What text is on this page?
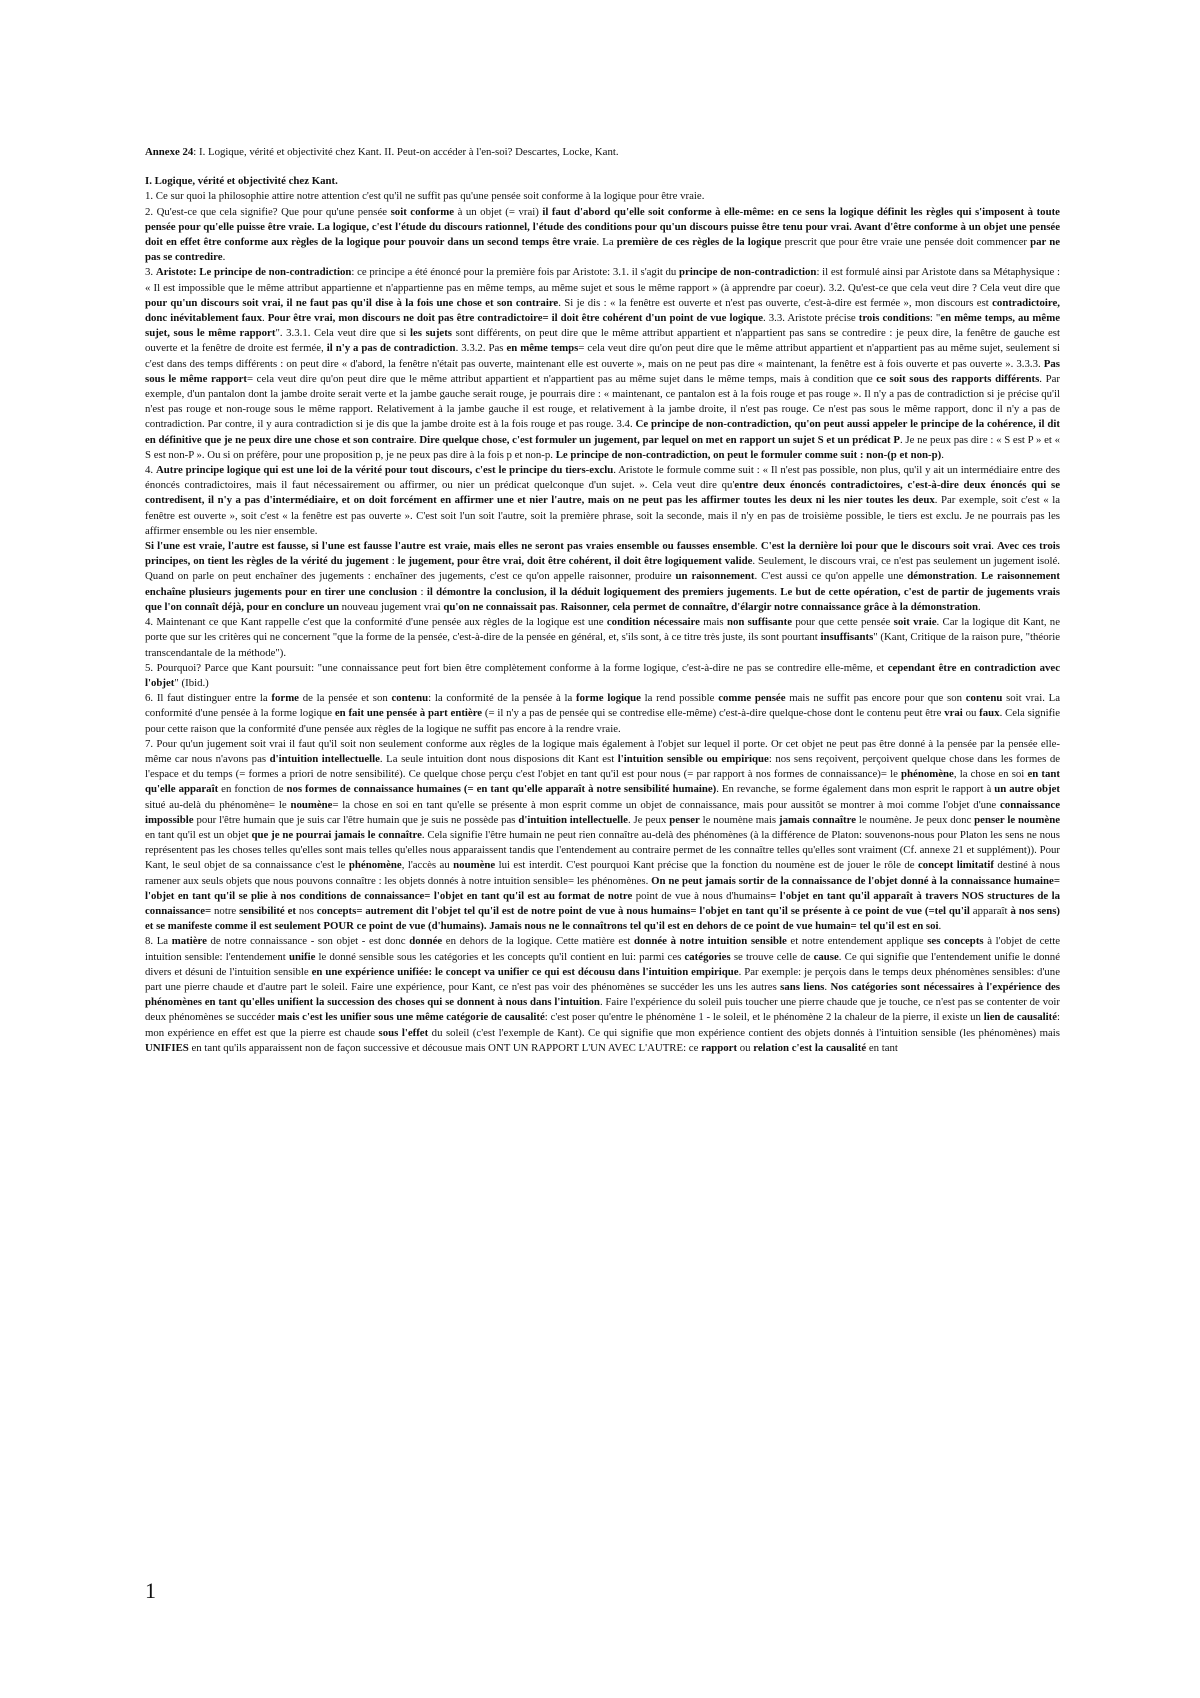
Annexe 24: I. Logique, vérité et objectivité chez Kant. II. Peut-on accéder à l'en-soi? Descartes, Locke, Kant.
I. Logique, vérité et objectivité chez Kant.

1. Ce sur quoi la philosophie attire notre attention c'est qu'il ne suffit pas qu'une pensée soit conforme à la logique pour être vraie.

2. Qu'est-ce que cela signifie? Que pour qu'une pensée soit conforme à un objet (= vrai) il faut d'abord qu'elle soit conforme à elle-même: en ce sens la logique définit les règles qui s'imposent à toute pensée pour qu'elle puisse être vraie. La logique, c'est l'étude du discours rationnel, l'étude des conditions pour qu'un discours puisse être tenu pour vrai. Avant d'être conforme à un objet une pensée doit en effet être conforme aux règles de la logique pour pouvoir dans un second temps être vraie. La première de ces règles de la logique prescrit que pour être vraie une pensée doit commencer par ne pas se contredire.

3. Aristote: Le principe de non-contradiction: ce principe a été énoncé pour la première fois par Aristote: 3.1. il s'agit du principe de non-contradiction: il est formulé ainsi par Aristote dans sa Métaphysique : « Il est impossible que le même attribut appartienne et n'appartienne pas en même temps, au même sujet et sous le même rapport » (à apprendre par coeur). 3.2. Qu'est-ce que cela veut dire ? Cela veut dire que pour qu'un discours soit vrai, il ne faut pas qu'il dise à la fois une chose et son contraire. Si je dis : « la fenêtre est ouverte et n'est pas ouverte, c'est-à-dire est fermée », mon discours est contradictoire, donc inévitablement faux. Pour être vrai, mon discours ne doit pas être contradictoire= il doit être cohérent d'un point de vue logique. 3.3. Aristote précise trois conditions: "en même temps, au même sujet, sous le même rapport". 3.3.1. Cela veut dire que si les sujets sont différents, on peut dire que le même attribut appartient et n'appartient pas sans se contredire : je peux dire, la fenêtre de gauche est ouverte et la fenêtre de droite est fermée, il n'y a pas de contradiction. 3.3.2. Pas en même temps= cela veut dire qu'on peut dire que le même attribut appartient et n'appartient pas au même sujet, seulement si c'est dans des temps différents : on peut dire « d'abord, la fenêtre n'était pas ouverte, maintenant elle est ouverte », mais on ne peut pas dire « maintenant, la fenêtre est à fois ouverte et pas ouverte ». 3.3.3. Pas sous le même rapport= cela veut dire qu'on peut dire que le même attribut appartient et n'appartient pas au même sujet dans le même temps, mais à condition que ce soit sous des rapports différents. Par exemple, d'un pantalon dont la jambe droite serait verte et la jambe gauche serait rouge, je pourrais dire : « maintenant, ce pantalon est à la fois rouge et pas rouge ». Il n'y a pas de contradiction si je précise qu'il n'est pas rouge et non-rouge sous le même rapport. Relativement à la jambe gauche il est rouge, et relativement à la jambe droite, il n'est pas rouge. Ce n'est pas sous le même rapport, donc il n'y a pas de contradiction. Par contre, il y aura contradiction si je dis que la jambe droite est à la fois rouge et pas rouge. 3.4. Ce principe de non-contradiction, qu'on peut aussi appeler le principe de la cohérence, il dit en définitive que je ne peux dire une chose et son contraire. Dire quelque chose, c'est formuler un jugement, par lequel on met en rapport un sujet S et un prédicat P. Je ne peux pas dire : « S est P » et « S est non-P ». Ou si on préfère, pour une proposition p, je ne peux pas dire à la fois p et non-p. Le principe de non-contradiction, on peut le formuler comme suit : non-(p et non-p).

4. Autre principe logique qui est une loi de la vérité pour tout discours, c'est le principe du tiers-exclu. Aristote le formule comme suit : « Il n'est pas possible, non plus, qu'il y ait un intermédiaire entre des énoncés contradictoires, mais il faut nécessairement ou affirmer, ou nier un prédicat quelconque d'un sujet. ». Cela veut dire qu'entre deux énoncés contradictoires, c'est-à-dire deux énoncés qui se contredisent, il n'y a pas d'intermédiaire, et on doit forcément en affirmer une et nier l'autre, mais on ne peut pas les affirmer toutes les deux ni les nier toutes les deux. Par exemple, soit c'est « la fenêtre est ouverte », soit c'est « la fenêtre est pas ouverte ». C'est soit l'un soit l'autre, soit la première phrase, soit la seconde, mais il n'y en pas de troisième possible, le tiers est exclu. Je ne pourrais pas les affirmer ensemble ou les nier ensemble.

Si l'une est vraie, l'autre est fausse, si l'une est fausse l'autre est vraie, mais elles ne seront pas vraies ensemble ou fausses ensemble. C'est la dernière loi pour que le discours soit vrai. Avec ces trois principes, on tient les règles de la vérité du jugement : le jugement, pour être vrai, doit être cohérent, il doit être logiquement valide. Seulement, le discours vrai, ce n'est pas seulement un jugement isolé. Quand on parle on peut enchaîner des jugements : enchaîner des jugements, c'est ce qu'on appelle raisonner, produire un raisonnement. C'est aussi ce qu'on appelle une démonstration. Le raisonnement enchaîne plusieurs jugements pour en tirer une conclusion : il démontre la conclusion, il la déduit logiquement des premiers jugements. Le but de cette opération, c'est de partir de jugements vrais que l'on connaît déjà, pour en conclure un nouveau jugement vrai qu'on ne connaissait pas. Raisonner, cela permet de connaître, d'élargir notre connaissance grâce à la démonstration.

4. Maintenant ce que Kant rappelle c'est que la conformité d'une pensée aux règles de la logique est une condition nécessaire mais non suffisante pour que cette pensée soit vraie. Car la logique dit Kant, ne porte que sur les critères qui ne concernent "que la forme de la pensée, c'est-à-dire de la pensée en général, et, s'ils sont, à ce titre très juste, ils sont pourtant insuffisants" (Kant, Critique de la raison pure, "théorie transcendantale de la méthode").

5. Pourquoi? Parce que Kant poursuit: "une connaissance peut fort bien être complètement conforme à la forme logique, c'est-à-dire ne pas se contredire elle-même, et cependant être en contradiction avec l'objet" (Ibid.)

6. Il faut distinguer entre la forme de la pensée et son contenu: la conformité de la pensée à la forme logique la rend possible comme pensée mais ne suffit pas encore pour que son contenu soit vrai. La conformité d'une pensée à la forme logique en fait une pensée à part entière (= il n'y a pas de pensée qui se contredise elle-même) c'est-à-dire quelque-chose dont le contenu peut être vrai ou faux. Cela signifie pour cette raison que la conformité d'une pensée aux règles de la logique ne suffit pas encore à la rendre vraie.

7. Pour qu'un jugement soit vrai il faut qu'il soit non seulement conforme aux règles de la logique mais également à l'objet sur lequel il porte. Or cet objet ne peut pas être donné à la pensée par la pensée elle-même car nous n'avons pas d'intuition intellectuelle. La seule intuition dont nous disposions dit Kant est l'intuition sensible ou empirique: nos sens reçoivent, perçoivent quelque chose dans les formes de l'espace et du temps (= formes a priori de notre sensibilité). Ce quelque chose perçu c'est l'objet en tant qu'il est pour nous (= par rapport à nos formes de connaissance)= le phénomène, la chose en soi en tant qu'elle apparaît en fonction de nos formes de connaissance humaines (= en tant qu'elle apparaît à notre sensibilité humaine). En revanche, se forme également dans mon esprit le rapport à un autre objet situé au-delà du phénomène= le noumène= la chose en soi en tant qu'elle se présente à mon esprit comme un objet de connaissance, mais pour aussitôt se montrer à moi comme l'objet d'une connaissance impossible pour l'être humain que je suis car l'être humain que je suis ne possède pas d'intuition intellectuelle. Je peux penser le noumène mais jamais connaître le noumène. Je peux donc penser le noumène en tant qu'il est un objet que je ne pourrai jamais le connaître. Cela signifie l'être humain ne peut rien connaître au-delà des phénomènes (à la différence de Platon: souvenons-nous pour Platon les sens ne nous représentent pas les choses telles qu'elles sont mais telles qu'elles nous apparaissent tandis que l'entendement au contraire permet de les connaître telles qu'elles sont vraiment (Cf. annexe 21 et supplément)). Pour Kant, le seul objet de sa connaissance c'est le phénomène, l'accès au noumène lui est interdit. C'est pourquoi Kant précise que la fonction du noumène est de jouer le rôle de concept limitatif destiné à nous ramener aux seuls objets que nous pouvons connaître : les objets donnés à notre intuition sensible= les phénomènes. On ne peut jamais sortir de la connaissance de l'objet donné à la connaissance humaine= l'objet en tant qu'il se plie à nos conditions de connaissance= l'objet en tant qu'il est au format de notre point de vue à nous d'humains= l'objet en tant qu'il apparaît à travers NOS structures de la connaissance= notre sensibilité et nos concepts= autrement dit l'objet tel qu'il est de notre point de vue à nous humains= l'objet en tant qu'il se présente à ce point de vue (=tel qu'il apparaît à nos sens) et se manifeste comme il est seulement POUR ce point de vue (d'humains). Jamais nous ne le connaîtrons tel qu'il est en dehors de ce point de vue humain= tel qu'il est en soi.

8. La matière de notre connaissance - son objet - est donc donnée en dehors de la logique. Cette matière est donnée à notre intuition sensible et notre entendement applique ses concepts à l'objet de cette intuition sensible: l'entendement unifie le donné sensible sous les catégories et les concepts qu'il contient en lui: parmi ces catégories se trouve celle de cause. Ce qui signifie que l'entendement unifie le donné divers et désuni de l'intuition sensible en une expérience unifiée: le concept va unifier ce qui est décousu dans l'intuition empirique. Par exemple: je perçois dans le temps deux phénomènes sensibles: d'une part une pierre chaude et d'autre part le soleil. Faire une expérience, pour Kant, ce n'est pas voir des phénomènes se succéder les uns les autres sans liens. Nos catégories sont nécessaires à l'expérience des phénomènes en tant qu'elles unifient la succession des choses qui se donnent à nous dans l'intuition. Faire l'expérience du soleil puis toucher une pierre chaude que je touche, ce n'est pas se contenter de voir deux phénomènes se succéder mais c'est les unifier sous une même catégorie de causalité: c'est poser qu'entre le phénomène 1 - le soleil, et le phénomène 2 la chaleur de la pierre, il existe un lien de causalité: mon expérience en effet est que la pierre est chaude sous l'effet du soleil (c'est l'exemple de Kant). Ce qui signifie que mon expérience contient des objets donnés à l'intuition sensible (les phénomènes) mais UNIFIES en tant qu'ils apparaissent non de façon successive et décousue mais ONT UN RAPPORT L'UN AVEC L'AUTRE: ce rapport ou relation c'est la causalité en tant

1
